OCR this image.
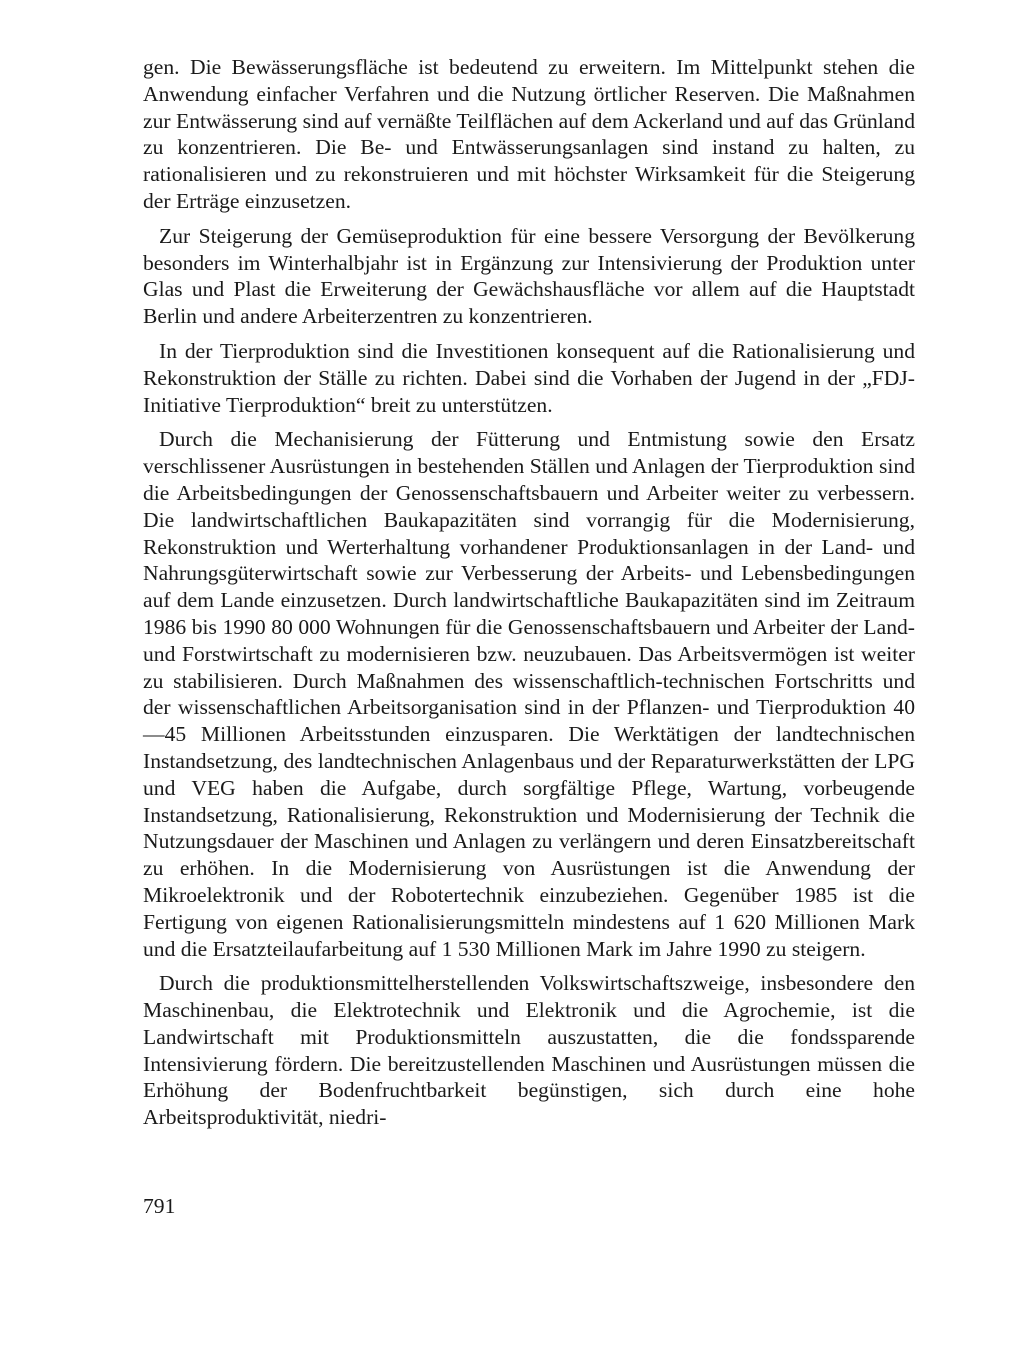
gen. Die Bewässerungsfläche ist bedeutend zu erweitern. Im Mittelpunkt stehen die Anwendung einfacher Verfahren und die Nutzung örtlicher Reserven. Die Maßnahmen zur Entwässerung sind auf vernäßte Teilflächen auf dem Ackerland und auf das Grünland zu konzentrieren. Die Be- und Entwässerungsanlagen sind instand zu halten, zu rationalisieren und zu rekonstruieren und mit höchster Wirksamkeit für die Steigerung der Erträge einzusetzen.

Zur Steigerung der Gemüseproduktion für eine bessere Versorgung der Bevölkerung besonders im Winterhalbjahr ist in Ergänzung zur Intensivierung der Produktion unter Glas und Plast die Erweiterung der Gewächshausfläche vor allem auf die Hauptstadt Berlin und andere Arbeiterzentren zu konzentrieren.

In der Tierproduktion sind die Investitionen konsequent auf die Rationalisierung und Rekonstruktion der Ställe zu richten. Dabei sind die Vorhaben der Jugend in der „FDJ-Initiative Tierproduktion“ breit zu unterstützen.

Durch die Mechanisierung der Fütterung und Entmistung sowie den Ersatz verschlissener Ausrüstungen in bestehenden Ställen und Anlagen der Tierproduktion sind die Arbeitsbedingungen der Genossenschaftsbauern und Arbeiter weiter zu verbessern. Die landwirtschaftlichen Baukapazitäten sind vorrangig für die Modernisierung, Rekonstruktion und Werterhaltung vorhandener Produktionsanlagen in der Land- und Nahrungsgüterwirtschaft sowie zur Verbesserung der Arbeits- und Lebensbedingungen auf dem Lande einzusetzen. Durch landwirtschaftliche Baukapazitäten sind im Zeitraum 1986 bis 1990 80 000 Wohnungen für die Genossenschaftsbauern und Arbeiter der Land- und Forstwirtschaft zu modernisieren bzw. neuzubauen. Das Arbeitsvermögen ist weiter zu stabilisieren. Durch Maßnahmen des wissenschaftlich-technischen Fortschritts und der wissenschaftlichen Arbeitsorganisation sind in der Pflanzen- und Tierproduktion 40—45 Millionen Arbeitsstunden einzusparen. Die Werktätigen der landtechnischen Instandsetzung, des landtechnischen Anlagenbaus und der Reparaturwerkstätten der LPG und VEG haben die Aufgabe, durch sorgfältige Pflege, Wartung, vorbeugende Instandsetzung, Rationalisierung, Rekonstruktion und Modernisierung der Technik die Nutzungsdauer der Maschinen und Anlagen zu verlängern und deren Einsatzbereitschaft zu erhöhen. In die Modernisierung von Ausrüstungen ist die Anwendung der Mikroelektronik und der Robotertechnik einzubeziehen. Gegenüber 1985 ist die Fertigung von eigenen Rationalisierungsmitteln mindestens auf 1 620 Millionen Mark und die Ersatzteilaufarbeitung auf 1 530 Millionen Mark im Jahre 1990 zu steigern.

Durch die produktionsmittelherstellenden Volkswirtschaftszweige, insbesondere den Maschinenbau, die Elektrotechnik und Elektronik und die Agrochemie, ist die Landwirtschaft mit Produktionsmitteln auszustatten, die die fondssparende Intensivierung fördern. Die bereitzustellenden Maschinen und Ausrüstungen müssen die Erhöhung der Bodenfruchtbarkeit begünstigen, sich durch eine hohe Arbeitsproduktivität, niedri-

791
